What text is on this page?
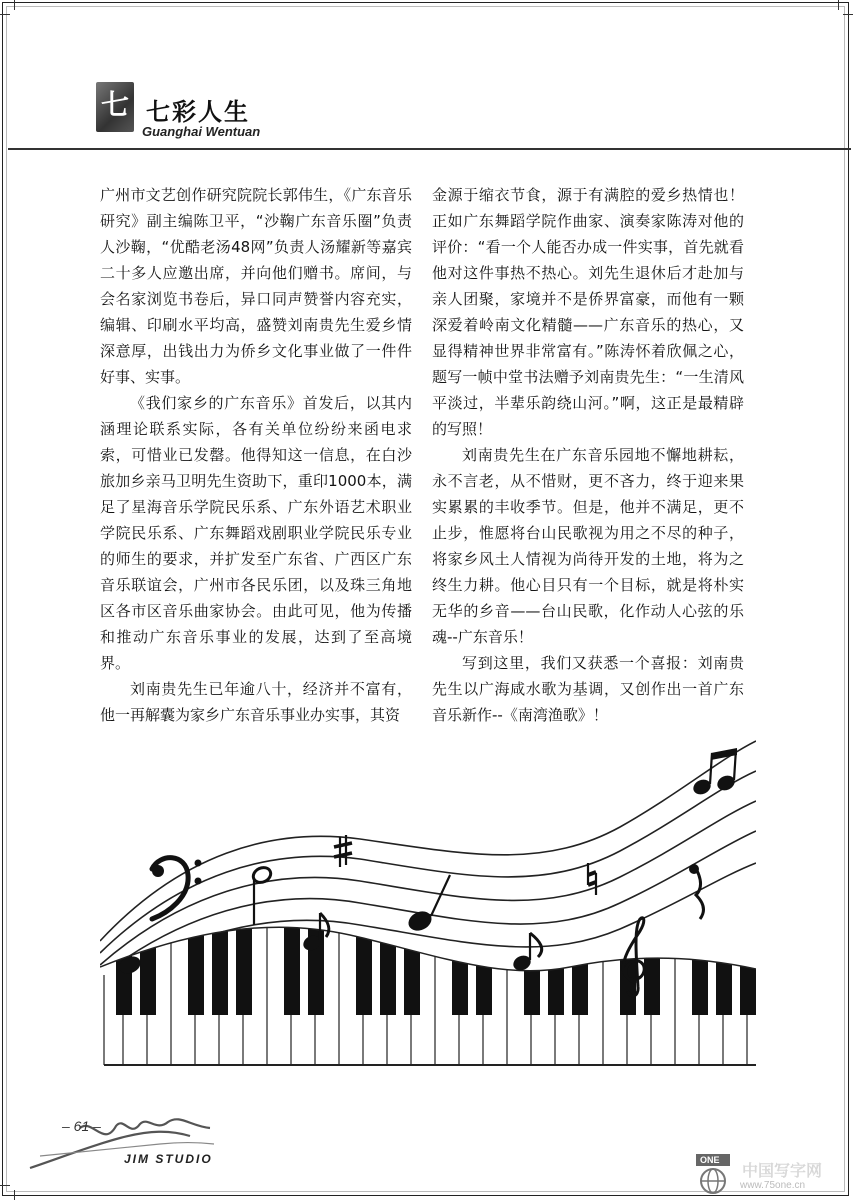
七 七彩人生
Guanghai Wentuan

广州市文艺创作研究院院长郭伟生，《广东音乐研究》副主编陈卫平，“沙鞠广东音乐圈”负责人沙鞠，“优酷老汤48网”负责人汤耀新等嘉宾二十多人应邀出席，并向他们赠书。席间，与会名家浏览书卷后，异口同声赞誉内容充实，编辑、印刷水平均高，盛赞刘南贵先生爱乡情深意厚，出钱出力为侨乡文化事业做了一件件好事、实事。

《我们家乡的广东音乐》首发后，以其内涵理论联系实际，各有关单位纷纷来函电求索，可惜业已发罄。他得知这一信息，在白沙旅加乡亲马卫明先生资助下，重印1000本，满足了星海音乐学院民乐系、广东外语艺术职业学院民乐系、广东舞蹈戏剧职业学院民乐专业的师生的要求，并扩发至广东省、广西区广东音乐联谊会，广州市各民乐团，以及珠三角地区各市区音乐曲家协会。由此可见，他为传播和推动广东音乐事业的发展，达到了至高境界。

刘南贵先生已年逾八十，经济并不富有，他一再解囊为家乡广东音乐事业办实事，其资

金源于缩衣节食，源于有满腔的爱乡热情也！正如广东舞蹈学院作曲家、演奏家陈涛对他的评价：“看一个人能否办成一件实事，首先就看他对这件事热不热心。刘先生退休后才赴加与亲人团聚，家境并不是侨界富豪，而他有一颗深爱着岭南文化精髓——广东音乐的热心，又显得精神世界非常富有。”陈涛怀着欣佩之心，题写一帧中堂书法赠予刘南贵先生：“一生清风平淡过，半辈乐韵绕山河。”啊，这正是最精辟的写照！

刘南贵先生在广东音乐园地不懈地耕耘，永不言老，从不惜财，更不吝力，终于迎来果实累累的丰收季节。但是，他并不满足，更不止步，惟愿将台山民歌视为用之不尽的种子，将家乡风土人情视为尚待开发的土地，将为之终生力耕。他心目只有一个目标，就是将朴实无华的乡音——台山民歌，化作动人心弦的乐魂--广东音乐！

写到这里，我们又获悉一个喜报：刘南贵先生以广海咸水歌为基调，又创作出一首广东音乐新作--《南湾渔歌》！

– 61 –
JIM STUDIO	ONE
中国写字网
www.75one.cn
